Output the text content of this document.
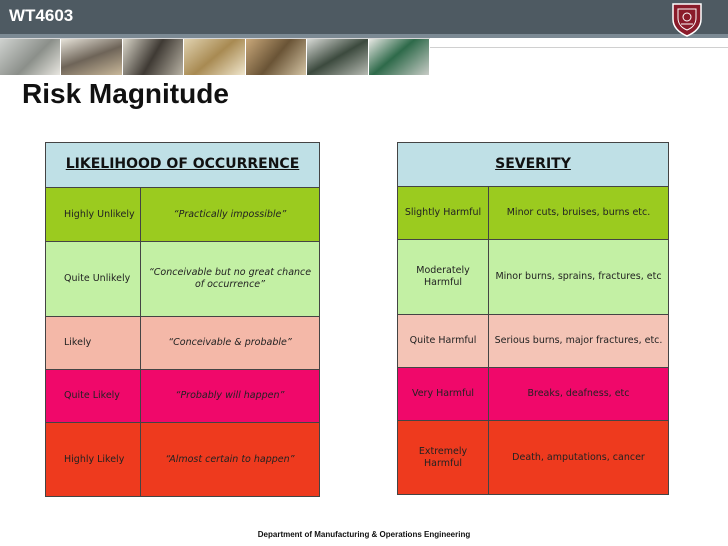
WT4603
Risk Magnitude
LIKELIHOOD OF OCCURRENCE	
Highly Unlikely	“Practically impossible”
Quite Unlikely	“Conceivable but no great chance of occurrence”
Likely	“Conceivable & probable”
Quite Likely	“Probably will happen”
Highly Likely	“Almost certain to happen”
SEVERITY	
Slightly Harmful	Minor cuts, bruises, burns etc.
Moderately Harmful	Minor burns, sprains, fractures, etc
Quite Harmful	Serious burns, major fractures, etc.
Very Harmful	Breaks, deafness, etc
Extremely Harmful	Death, amputations, cancer
Department of Manufacturing & Operations Engineering
